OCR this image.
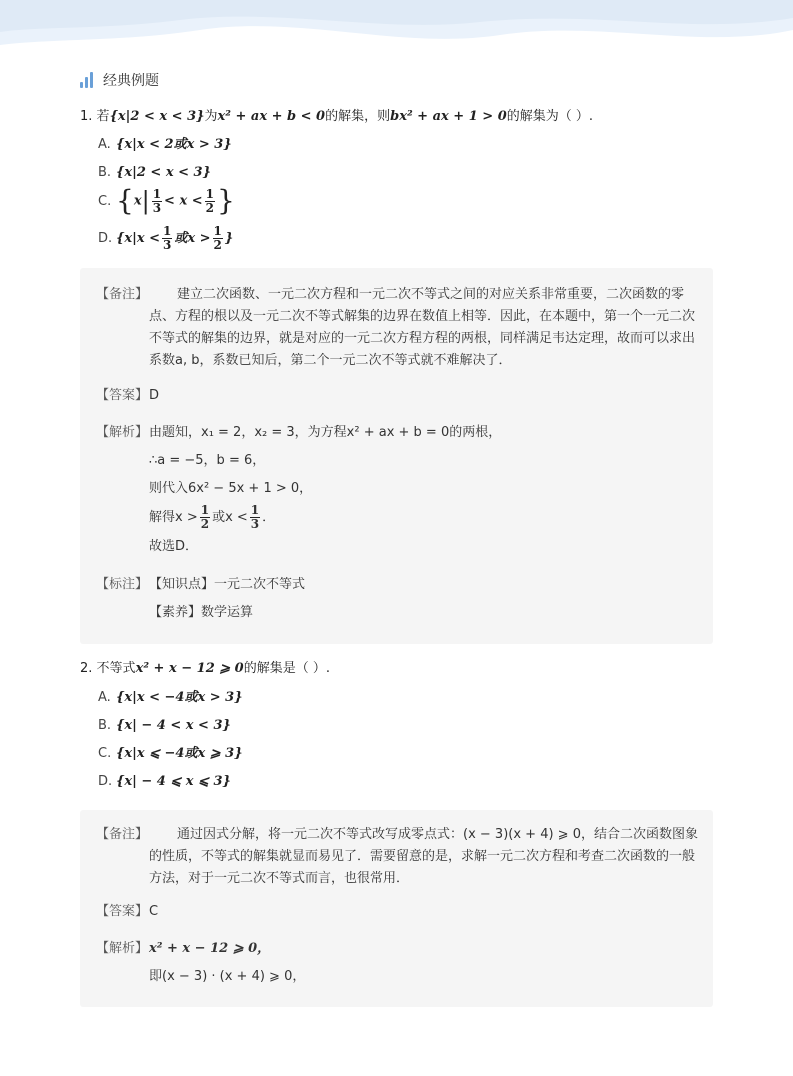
经典例题
1. 若{x|2 < x < 3}为x² + ax + b < 0的解集，则bx² + ax + 1 > 0的解集为（ ）.
A. {x|x < 2或x > 3}
B. {x|2 < x < 3}
C. {$x| \frac{1}{3} < x < \frac{1}{2}$ }
D. {$x|x < \frac{1}{3}$ 或$x > \frac{1}{2}$ }
【备注】	建立二次函数、一元二次方程和一元二次不等式之间的对应关系非常重要，二次函数的零点、方程的根以及一元二次不等式解集的边界在数值上相等．因此，在本题中，第一个一元二次不等式的解集的边界，就是对应的一元二次方程方程的两根，同样满足韦达定理，故而可以求出系数a, b，系数已知后，第二个一元二次不等式就不难解决了．
【答案】 D
【解析】 由题知，x₁ = 2，x₂ = 3，为方程x² + ax + b = 0的两根，
∴a = −5，b = 6，
则代入6x² − 5x + 1 > 0，
解得$x > \frac{1}{2}$ 或$x < \frac{1}{3}$ ．
故选D．
【标注】 【知识点】一元二次不等式
【素养】数学运算
2. 不等式x² + x − 12 ⩾ 0的解集是（ ）.
A. {x|x < −4或x > 3}
B. {x| − 4 < x < 3}
C. {x|x ⩽ −4或x ⩾ 3}
D. {x| − 4 ⩽ x ⩽ 3}
【备注】	通过因式分解，将一元二次不等式改写成零点式：(x − 3)(x + 4) ⩾ 0，结合二次函数图象的性质，不等式的解集就显而易见了．需要留意的是，求解一元二次方程和考查二次函数的一般方法，对于一元二次不等式而言，也很常用．
【答案】 C
【解析】 x² + x − 12 ⩾ 0，
即(x − 3) · (x + 4) ⩾ 0，
